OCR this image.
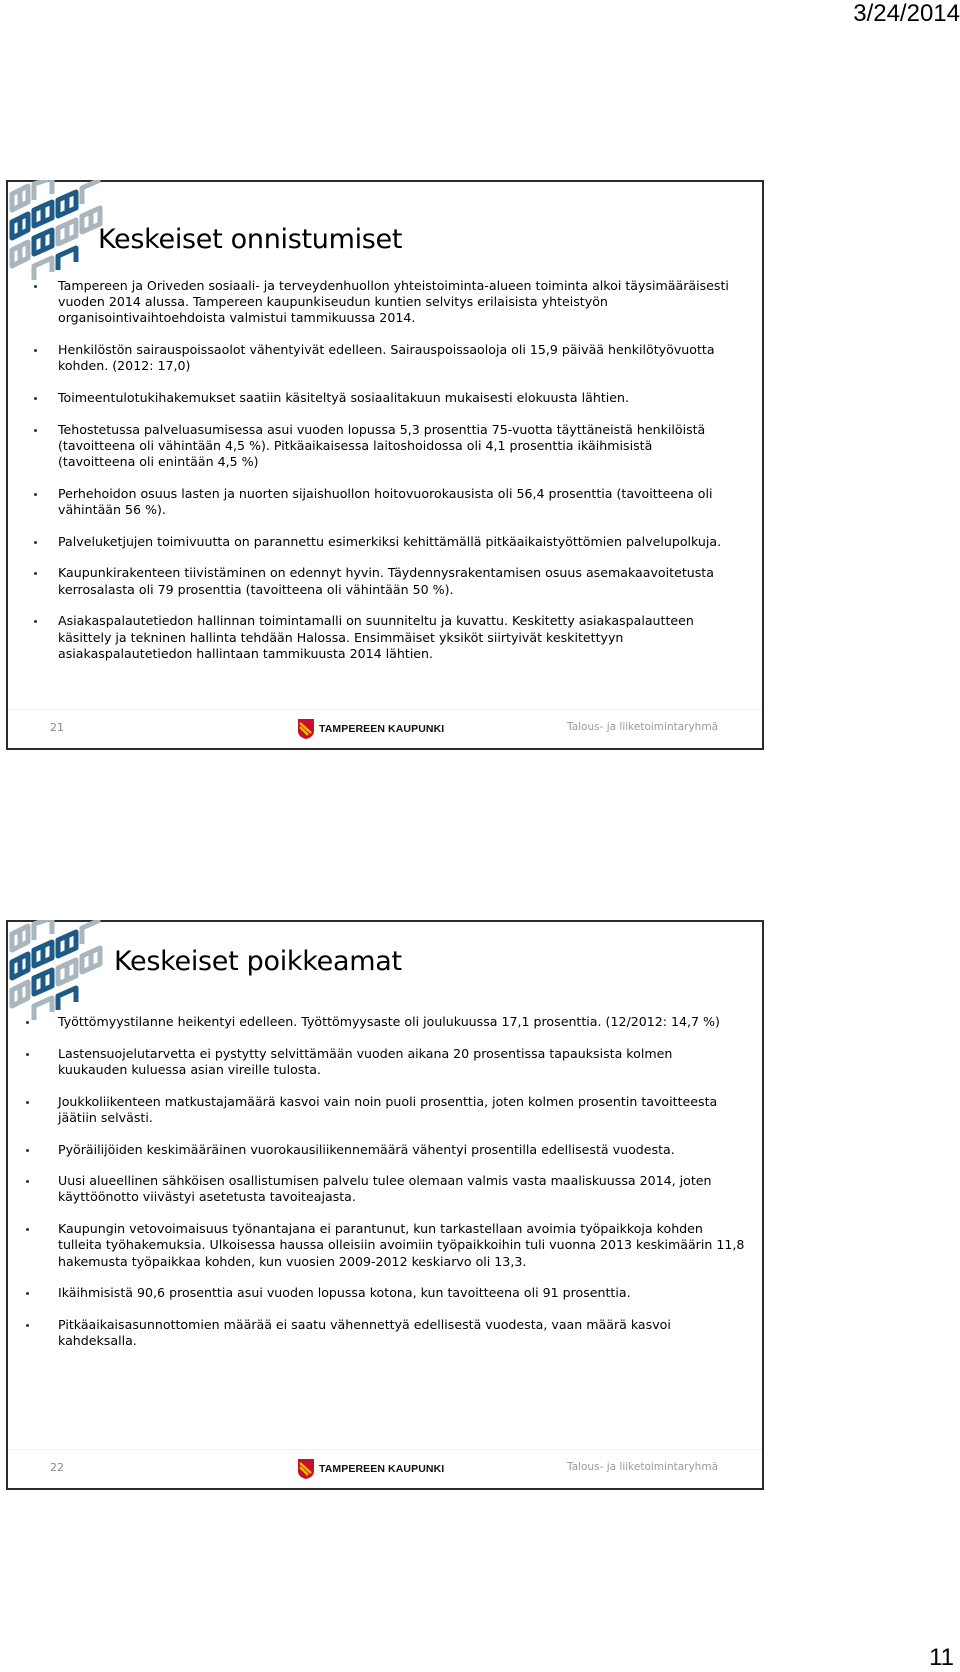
3/24/2014
Keskeiset onnistumiset
Tampereen ja Oriveden sosiaali- ja terveydenhuollon yhteistoiminta-alueen toiminta alkoi täysimääräisesti vuoden 2014 alussa. Tampereen kaupunkiseudun kuntien selvitys erilaisista yhteistyön organisointivaihtoehdoista valmistui tammikuussa 2014.
Henkilöstön sairauspoissaolot vähentyivät edelleen. Sairauspoissaoloja oli 15,9 päivää henkilötyövuotta kohden. (2012: 17,0)
Toimeentulotukihakemukset saatiin käsiteltyä sosiaalitakuun mukaisesti elokuusta lähtien.
Tehostetussa palveluasumisessa asui vuoden lopussa 5,3 prosenttia 75-vuotta täyttäneistä henkilöistä (tavoitteena oli vähintään 4,5 %). Pitkäaikaisessa laitoshoidossa oli 4,1 prosenttia ikäihmisistä (tavoitteena oli enintään 4,5 %)
Perhehoidon osuus lasten ja nuorten sijaishuollon hoitovuorokausista oli 56,4 prosenttia (tavoitteena oli vähintään 56 %).
Palveluketjujen toimivuutta on parannettu esimerkiksi kehittämällä pitkäaikaistyöttömien palvelupolkuja.
Kaupunkirakenteen tiivistäminen on edennyt hyvin. Täydennysrakentamisen osuus asemakaavoitetusta kerrosalasta oli 79 prosenttia (tavoitteena oli vähintään 50 %).
Asiakaspalautetiedon hallinnan toimintamalli on suunniteltu ja kuvattu. Keskitetty asiakaspalautteen käsittely ja tekninen hallinta tehdään Halossa. Ensimmäiset yksiköt siirtyivät keskitettyyn asiakaspalautetiedon hallintaan tammikuusta 2014 lähtien.
21	TAMPEREEN KAUPUNKI	Talous- ja liiketoimintaryhmä
Keskeiset poikkeamat
Työttömyystilanne heikentyi edelleen. Työttömyysaste oli joulukuussa 17,1 prosenttia. (12/2012: 14,7 %)
Lastensuojelutarvetta ei pystytty selvittämään vuoden aikana 20 prosentissa tapauksista kolmen kuukauden kuluessa asian vireille tulosta.
Joukkoliikenteen matkustajamäärä kasvoi vain noin puoli prosenttia, joten kolmen prosentin tavoitteesta jäätiin selvästi.
Pyöräilijöiden keskimääräinen vuorokausiliikennemäärä vähentyi prosentilla edellisestä vuodesta.
Uusi alueellinen sähköisen osallistumisen palvelu tulee olemaan valmis vasta maaliskuussa 2014, joten käyttöönotto viivästyi asetetusta tavoiteajasta.
Kaupungin vetovoimaisuus työnantajana ei parantunut, kun tarkastellaan avoimia työpaikkoja kohden tulleita työhakemuksia. Ulkoisessa haussa olleisiin avoimiin työpaikkoihin tuli vuonna 2013 keskimäärin 11,8 hakemusta työpaikkaa kohden, kun vuosien 2009-2012 keskiarvo oli 13,3.
Ikäihmisistä 90,6 prosenttia asui vuoden lopussa kotona, kun tavoitteena oli 91 prosenttia.
Pitkäaikaisasunnottomien määrää ei saatu vähennettyä edellisestä vuodesta, vaan määrä kasvoi kahdeksalla.
22	TAMPEREEN KAUPUNKI	Talous- ja liiketoimintaryhmä
11
